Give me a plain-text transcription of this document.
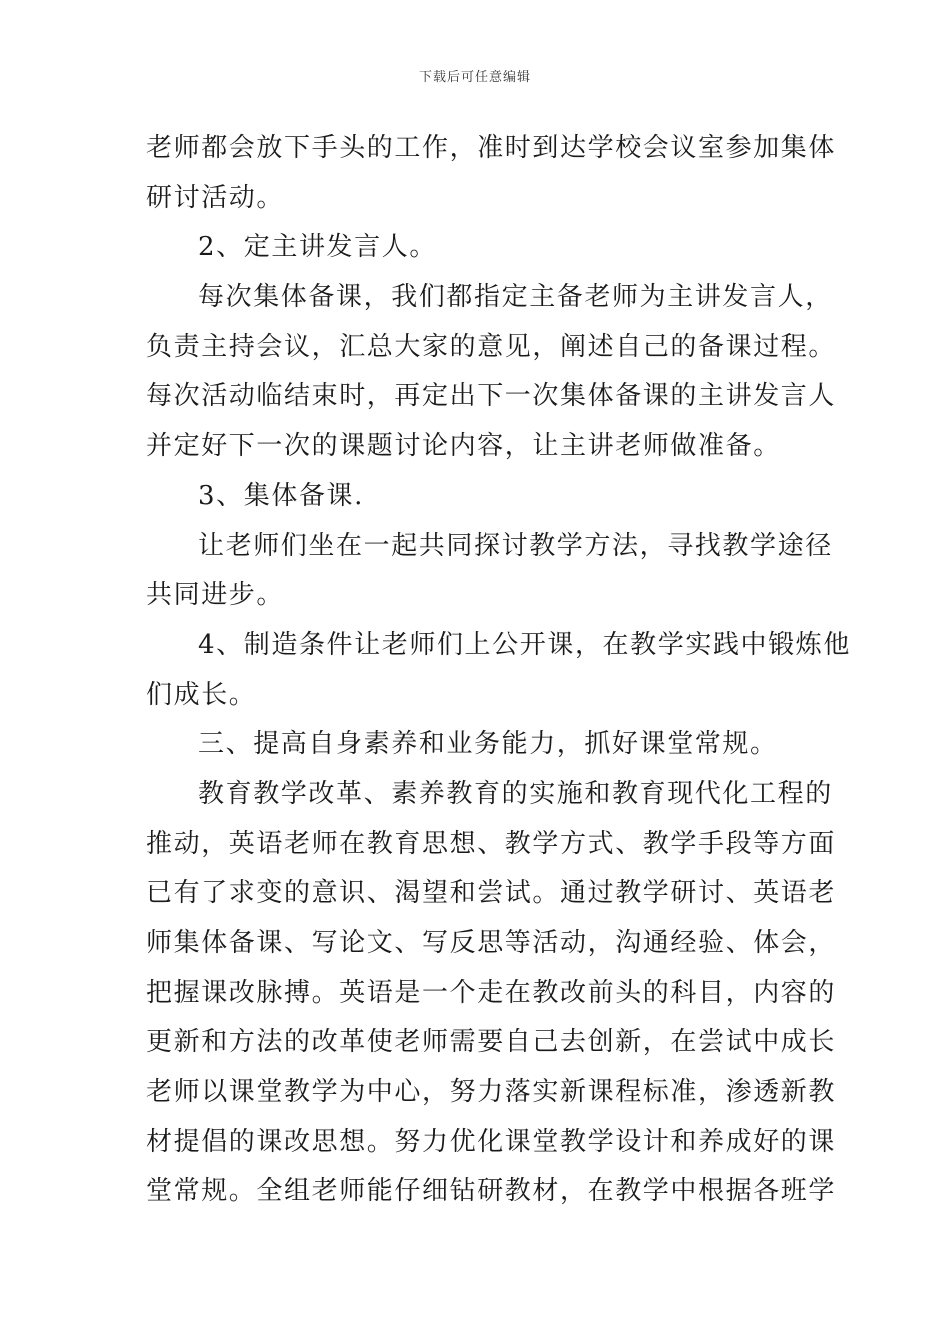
下载后可任意编辑
老师都会放下手头的工作，准时到达学校会议室参加集体
研讨活动。
2、定主讲发言人。
每次集体备课，我们都指定主备老师为主讲发言人，
负责主持会议，汇总大家的意见，阐述自己的备课过程。
每次活动临结束时，再定出下一次集体备课的主讲发言人
并定好下一次的课题讨论内容，让主讲老师做准备。
3、集体备课.
让老师们坐在一起共同探讨教学方法，寻找教学途径
共同进步。
4、制造条件让老师们上公开课，在教学实践中锻炼他
们成长。
三、提高自身素养和业务能力，抓好课堂常规。
教育教学改革、素养教育的实施和教育现代化工程的
推动，英语老师在教育思想、教学方式、教学手段等方面
已有了求变的意识、渴望和尝试。通过教学研讨、英语老
师集体备课、写论文、写反思等活动，沟通经验、体会，
把握课改脉搏。英语是一个走在教改前头的科目，内容的
更新和方法的改革使老师需要自己去创新，在尝试中成长
老师以课堂教学为中心，努力落实新课程标准，渗透新教
材提倡的课改思想。努力优化课堂教学设计和养成好的课
堂常规。全组老师能仔细钻研教材，在教学中根据各班学
